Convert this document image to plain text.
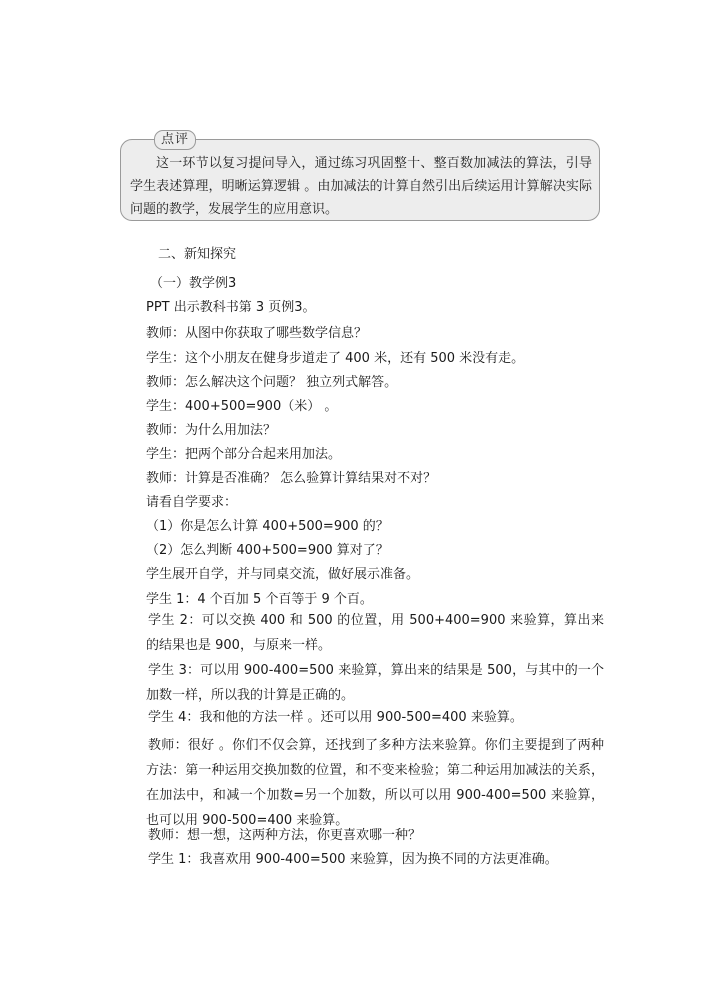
点评

这一环节以复习提问导入，通过练习巩固整十、整百数加减法的算法，引导学生表述算理，明晰运算逻辑 。由加减法的计算自然引出后续运用计算解决实际问题的教学，发展学生的应用意识。

二、新知探究

（一）教学例3

PPT 出示教科书第 3 页例3。

教师：从图中你获取了哪些数学信息？

学生：这个小朋友在健身步道走了 400 米，还有 500 米没有走。

教师：怎么解决这个问题？ 独立列式解答。

学生：400+500=900（米） 。

教师：为什么用加法？

学生：把两个部分合起来用加法。

教师：计算是否准确？ 怎么验算计算结果对不对？

请看自学要求：

（1）你是怎么计算 400+500=900 的？

（2）怎么判断 400+500=900 算对了？

学生展开自学，并与同桌交流，做好展示准备。

学生 1：4 个百加 5 个百等于 9 个百。

学生 2：可以交换 400 和 500 的位置，用 500+400=900 来验算，算出来的结果也是 900，与原来一样。

学生 3：可以用 900-400=500 来验算，算出来的结果是 500，与其中的一个加数一样，所以我的计算是正确的。

学生 4：我和他的方法一样 。还可以用 900-500=400 来验算。

教师：很好 。你们不仅会算，还找到了多种方法来验算。你们主要提到了两种方法：第一种运用交换加数的位置，和不变来检验；第二种运用加减法的关系，在加法中，和减一个加数=另一个加数，所以可以用 900-400=500 来验算，也可以用 900-500=400 来验算。

教师：想一想，这两种方法，你更喜欢哪一种？

学生 1：我喜欢用 900-400=500 来验算，因为换不同的方法更准确。
